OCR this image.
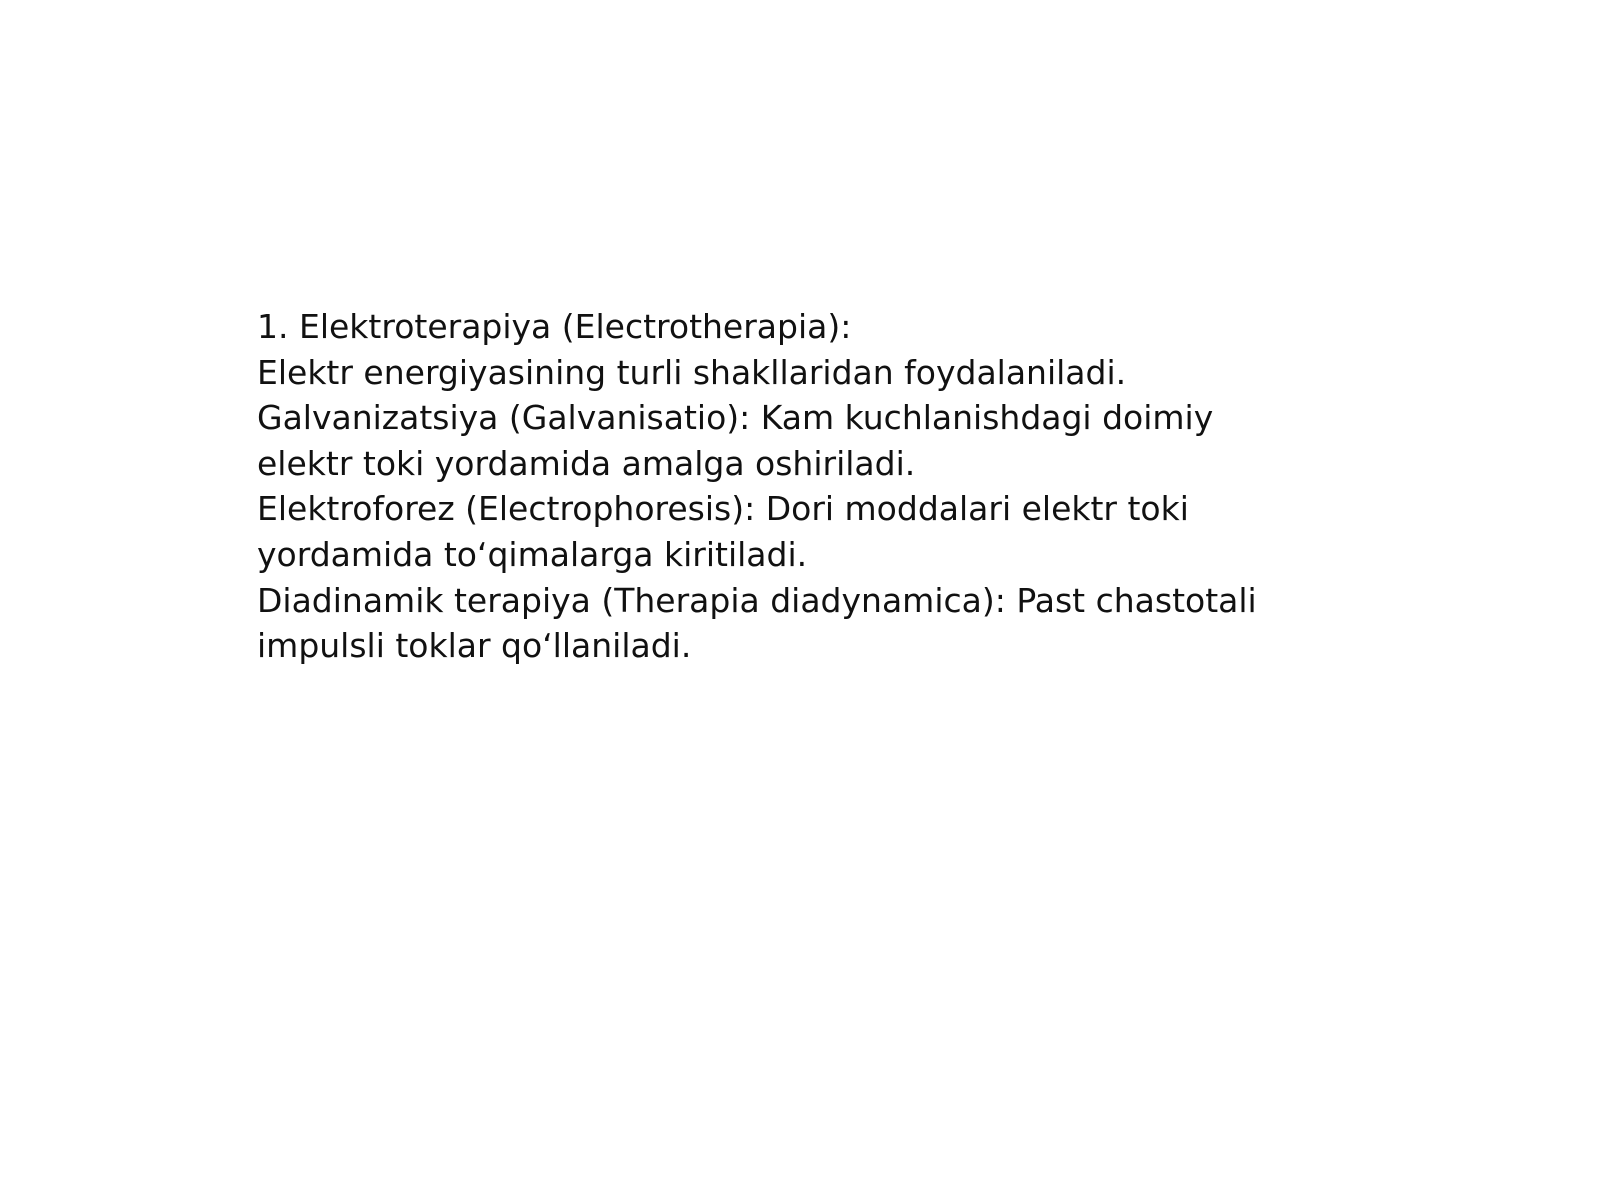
1. Elektroterapiya (Electrotherapia):
Elektr energiyasining turli shakllaridan foydalaniladi.
Galvanizatsiya (Galvanisatio): Kam kuchlanishdagi doimiy
elektr toki yordamida amalga oshiriladi.
Elektroforez (Electrophoresis): Dori moddalari elektr toki
yordamida toʻqimalarga kiritiladi.
Diadinamik terapiya (Therapia diadynamica): Past chastotali
impulsli toklar qoʻllaniladi.
